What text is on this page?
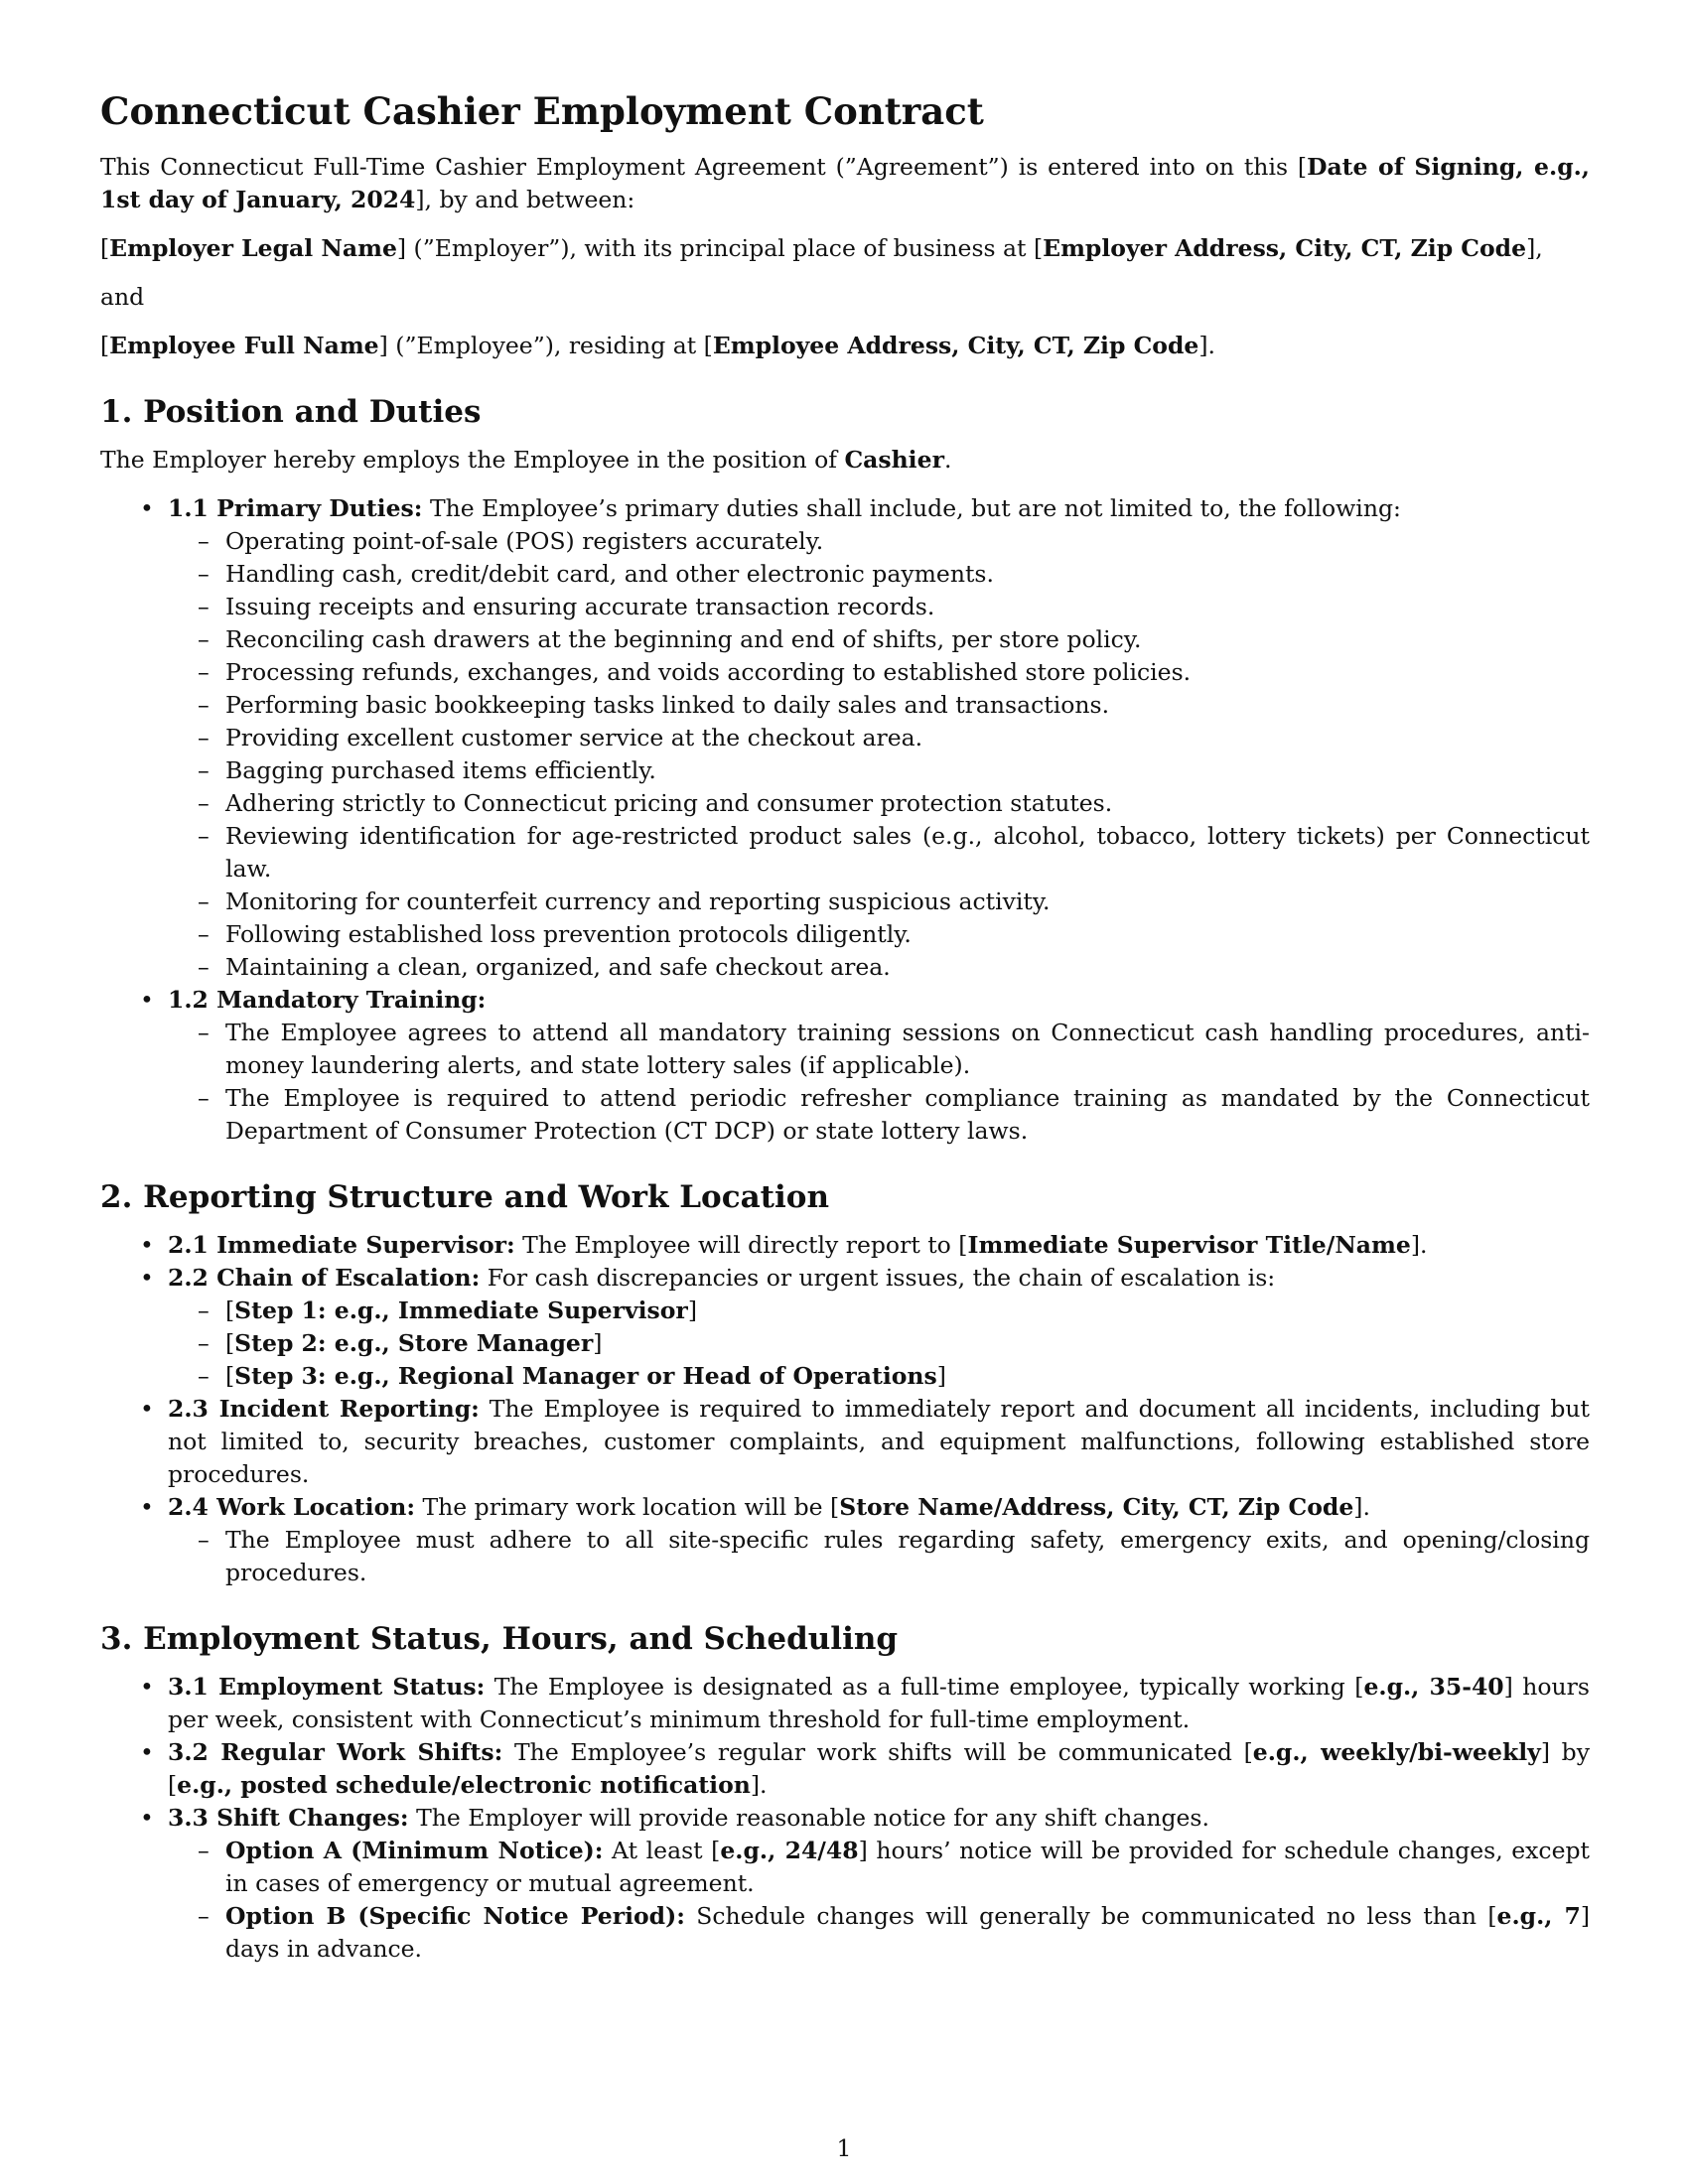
Connecticut Cashier Employment Contract

This Connecticut Full-Time Cashier Employment Agreement (”Agreement”) is entered into on this [Date of Signing, e.g., 1st day of January, 2024], by and between:

[Employer Legal Name] (”Employer”), with its principal place of business at [Employer Address, City, CT, Zip Code],

and

[Employee Full Name] (”Employee”), residing at [Employee Address, City, CT, Zip Code].

1. Position and Duties

The Employer hereby employs the Employee in the position of Cashier.

• 1.1 Primary Duties: The Employee’s primary duties shall include, but are not limited to, the following:
– Operating point-of-sale (POS) registers accurately.
– Handling cash, credit/debit card, and other electronic payments.
– Issuing receipts and ensuring accurate transaction records.
– Reconciling cash drawers at the beginning and end of shifts, per store policy.
– Processing refunds, exchanges, and voids according to established store policies.
– Performing basic bookkeeping tasks linked to daily sales and transactions.
– Providing excellent customer service at the checkout area.
– Bagging purchased items efficiently.
– Adhering strictly to Connecticut pricing and consumer protection statutes.
– Reviewing identification for age-restricted product sales (e.g., alcohol, tobacco, lottery tickets) per Connecticut law.
– Monitoring for counterfeit currency and reporting suspicious activity.
– Following established loss prevention protocols diligently.
– Maintaining a clean, organized, and safe checkout area.
• 1.2 Mandatory Training:
– The Employee agrees to attend all mandatory training sessions on Connecticut cash handling procedures, anti-money laundering alerts, and state lottery sales (if applicable).
– The Employee is required to attend periodic refresher compliance training as mandated by the Connecticut Department of Consumer Protection (CT DCP) or state lottery laws.
2. Reporting Structure and Work Location
• 2.1 Immediate Supervisor: The Employee will directly report to [Immediate Supervisor Title/Name].
• 2.2 Chain of Escalation: For cash discrepancies or urgent issues, the chain of escalation is:
– [Step 1: e.g., Immediate Supervisor]
– [Step 2: e.g., Store Manager]
– [Step 3: e.g., Regional Manager or Head of Operations]
• 2.3 Incident Reporting: The Employee is required to immediately report and document all incidents, including but not limited to, security breaches, customer complaints, and equipment malfunctions, following established store procedures.
• 2.4 Work Location: The primary work location will be [Store Name/Address, City, CT, Zip Code].
– The Employee must adhere to all site-specific rules regarding safety, emergency exits, and opening/closing procedures.
3. Employment Status, Hours, and Scheduling
• 3.1 Employment Status: The Employee is designated as a full-time employee, typically working [e.g., 35-40] hours per week, consistent with Connecticut’s minimum threshold for full-time employment.
• 3.2 Regular Work Shifts: The Employee’s regular work shifts will be communicated [e.g., weekly/bi-weekly] by [e.g., posted schedule/electronic notification].
• 3.3 Shift Changes: The Employer will provide reasonable notice for any shift changes.
– Option A (Minimum Notice): At least [e.g., 24/48] hours’ notice will be provided for schedule changes, except in cases of emergency or mutual agreement.
– Option B (Specific Notice Period): Schedule changes will generally be communicated no less than [e.g., 7] days in advance.
1
